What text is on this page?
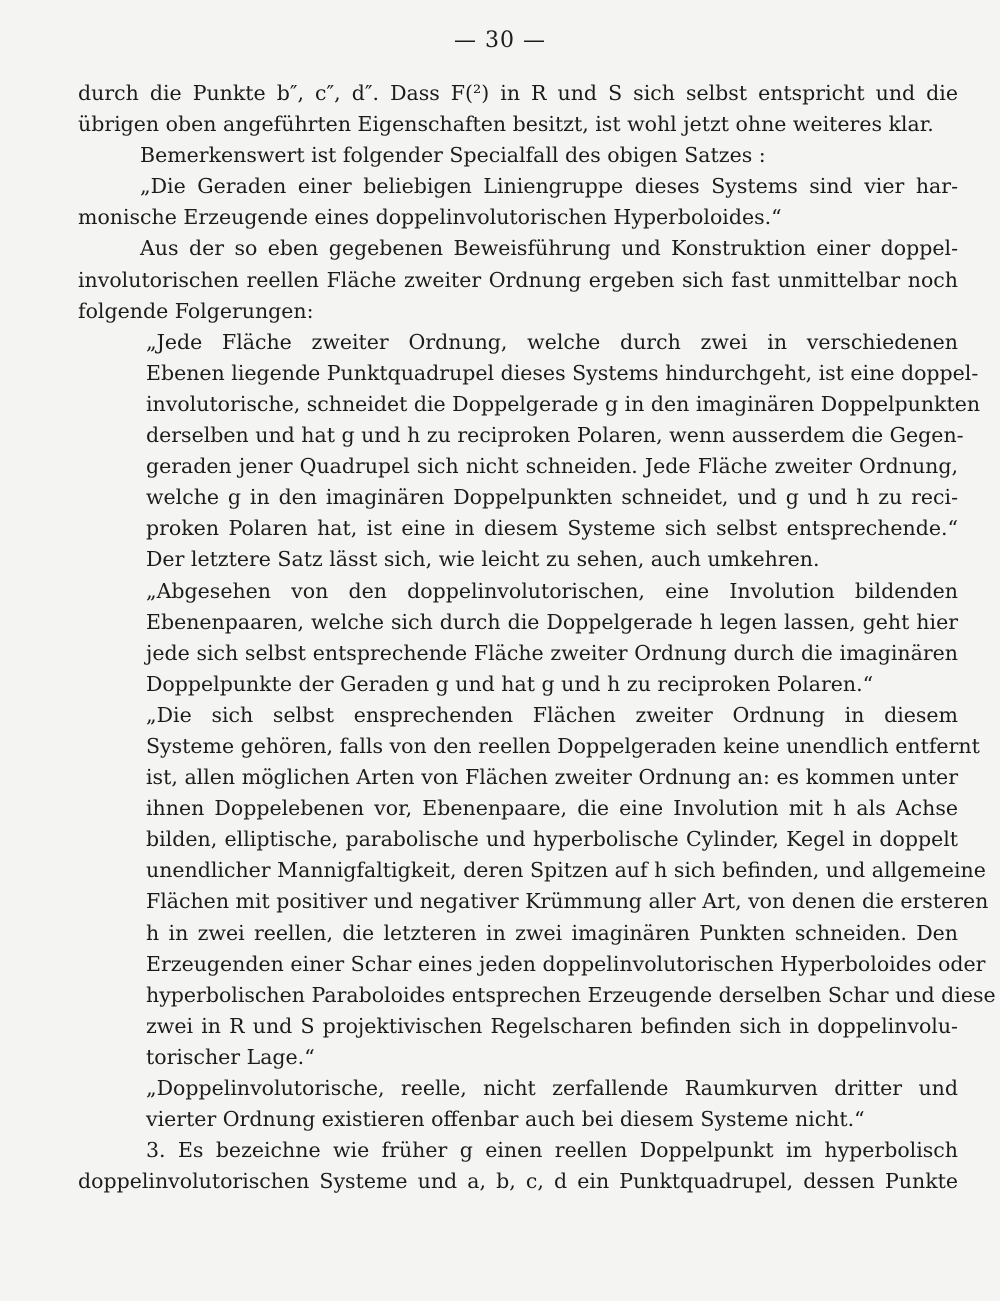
— 30 —
durch die Punkte b″, c″, d″. Dass F(²) in R und S sich selbst entspricht und die
übrigen oben angeführten Eigenschaften besitzt, ist wohl jetzt ohne weiteres klar.
Bemerkenswert ist folgender Specialfall des obigen Satzes :
„Die Geraden einer beliebigen Liniengruppe dieses Systems sind vier har-
monische Erzeugende eines doppelinvolutorischen Hyperboloides.“
Aus der so eben gegebenen Beweisführung und Konstruktion einer doppel-
involutorischen reellen Fläche zweiter Ordnung ergeben sich fast unmittelbar noch
folgende Folgerungen:
„Jede Fläche zweiter Ordnung, welche durch zwei in verschiedenen
Ebenen liegende Punktquadrupel dieses Systems hindurchgeht, ist eine doppel-
involutorische, schneidet die Doppelgerade g in den imaginären Doppelpunkten
derselben und hat g und h zu reciproken Polaren, wenn ausserdem die Gegen-
geraden jener Quadrupel sich nicht schneiden. Jede Fläche zweiter Ordnung,
welche g in den imaginären Doppelpunkten schneidet, und g und h zu reci-
proken Polaren hat, ist eine in diesem Systeme sich selbst entsprechende.“
Der letztere Satz lässt sich, wie leicht zu sehen, auch umkehren.
„Abgesehen von den doppelinvolutorischen, eine Involution bildenden
Ebenenpaaren, welche sich durch die Doppelgerade h legen lassen, geht hier
jede sich selbst entsprechende Fläche zweiter Ordnung durch die imaginären
Doppelpunkte der Geraden g und hat g und h zu reciproken Polaren.“
„Die sich selbst ensprechenden Flächen zweiter Ordnung in diesem
Systeme gehören, falls von den reellen Doppelgeraden keine unendlich entfernt
ist, allen möglichen Arten von Flächen zweiter Ordnung an: es kommen unter
ihnen Doppelebenen vor, Ebenenpaare, die eine Involution mit h als Achse
bilden, elliptische, parabolische und hyperbolische Cylinder, Kegel in doppelt
unendlicher Mannigfaltigkeit, deren Spitzen auf h sich befinden, und allgemeine
Flächen mit positiver und negativer Krümmung aller Art, von denen die ersteren
h in zwei reellen, die letzteren in zwei imaginären Punkten schneiden. Den
Erzeugenden einer Schar eines jeden doppelinvolutorischen Hyperboloides oder
hyperbolischen Paraboloides entsprechen Erzeugende derselben Schar und diese
zwei in R und S projektivischen Regelscharen befinden sich in doppelinvolu-
torischer Lage.“
„Doppelinvolutorische, reelle, nicht zerfallende Raumkurven dritter und
vierter Ordnung existieren offenbar auch bei diesem Systeme nicht.“
3. Es bezeichne wie früher g einen reellen Doppelpunkt im hyperbolisch
doppelinvolutorischen Systeme und a, b, c, d ein Punktquadrupel, dessen Punkte
